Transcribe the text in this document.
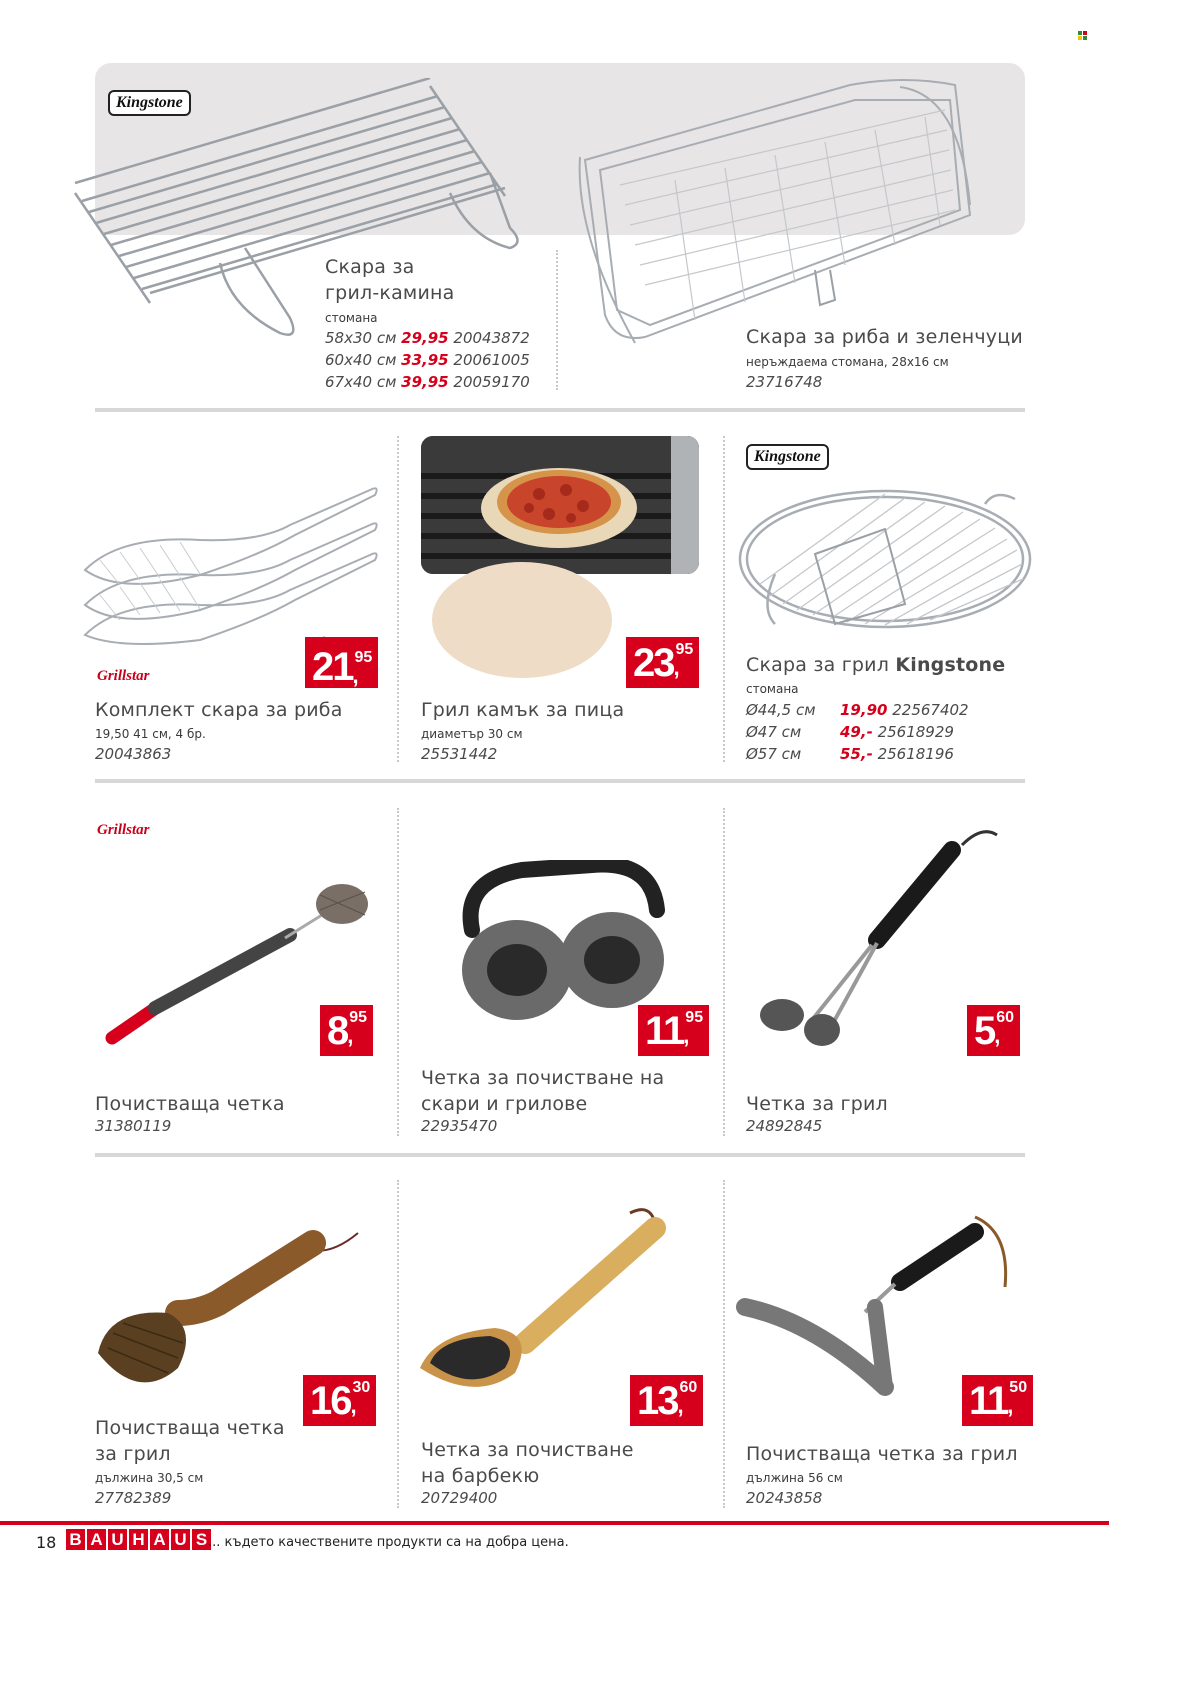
Kingstone
Скара за
грил-камина
стомана
58x30 см 29,95 20043872
60x40 см 33,95 20061005
67x40 см 39,95 20059170
Скара за риба и зеленчуци
неръждаема стомана, 28x16 см
23716748
21 95
,
Grillstar
Комплект скара за риба
19,50 41 см, 4 бр.
20043863
23 95
,
Грил камък за пица
диаметър 30 см
25531442
Kingstone
Скара за грил Kingstone
стомана
Ø44,5 см 19,90 22567402
Ø47 см	49,- 25618929
Ø57 см	55,- 25618196
Grillstar
8 95
,
Почистваща четка
31380119
11 95
,
Четка за почистване на
скари и грилове
22935470
5 60
,
Четка за грил
24892845
16 30
,
Почистваща четка
за грил
дължина 30,5 см
27782389
13 60
,
Четка за почистване
на барбекю
20729400
11 50
,
Почистваща четка за грил
дължина 56 см
20243858
18 B A U H A U S ... където качествените продукти са на добра цена.
